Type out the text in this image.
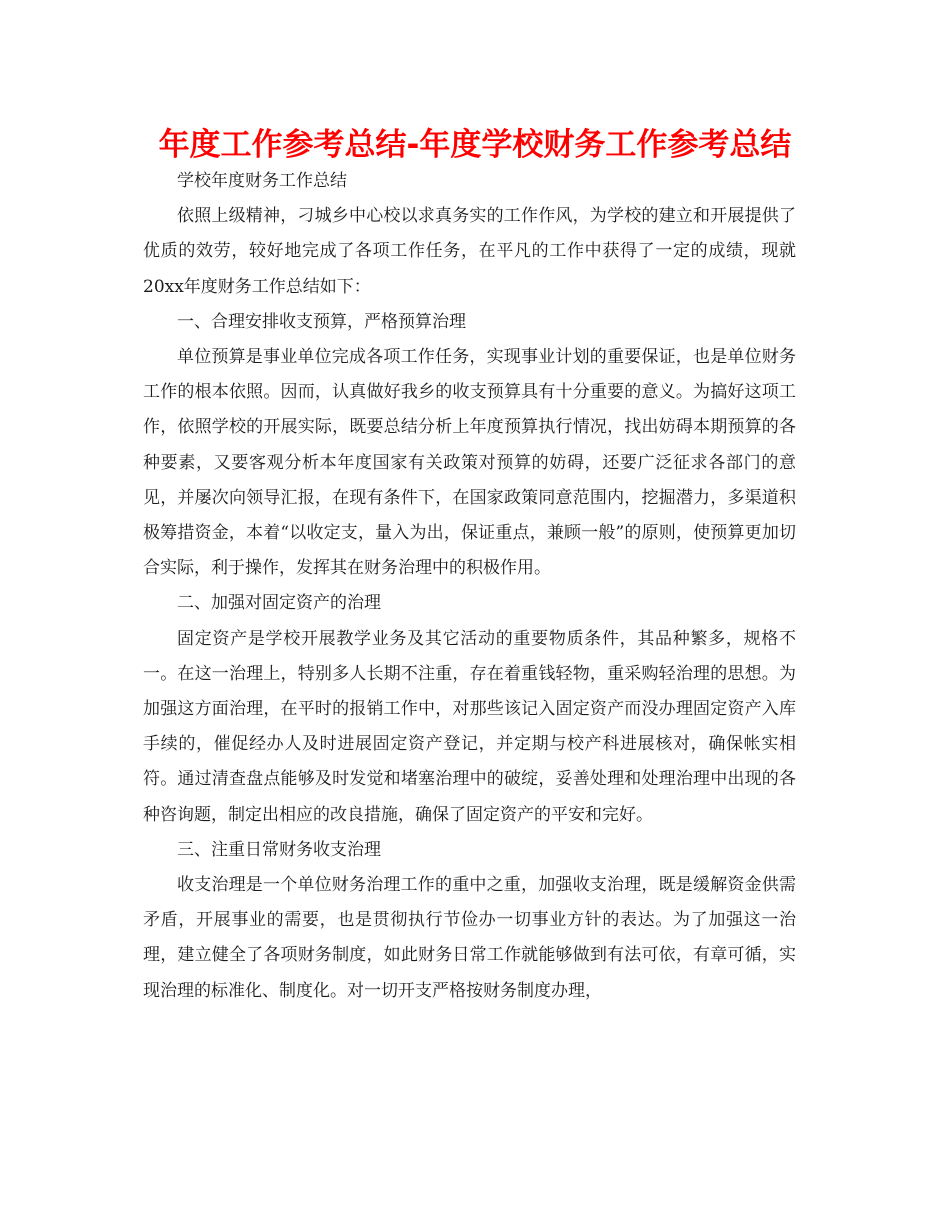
年度工作参考总结-年度学校财务工作参考总结

学校年度财务工作总结

依照上级精神，刁城乡中心校以求真务实的工作作风，为学校的建立和开展提供了优质的效劳，较好地完成了各项工作任务，在平凡的工作中获得了一定的成绩，现就20xx年度财务工作总结如下：

一、合理安排收支预算，严格预算治理

单位预算是事业单位完成各项工作任务，实现事业计划的重要保证，也是单位财务工作的根本依照。因而，认真做好我乡的收支预算具有十分重要的意义。为搞好这项工作，依照学校的开展实际，既要总结分析上年度预算执行情况，找出妨碍本期预算的各种要素，又要客观分析本年度国家有关政策对预算的妨碍，还要广泛征求各部门的意见，并屡次向领导汇报，在现有条件下，在国家政策同意范围内，挖掘潜力，多渠道积极筹措资金，本着“以收定支，量入为出，保证重点，兼顾一般”的原则，使预算更加切合实际，利于操作，发挥其在财务治理中的积极作用。

二、加强对固定资产的治理

固定资产是学校开展教学业务及其它活动的重要物质条件，其品种繁多，规格不一。在这一治理上，特别多人长期不注重，存在着重钱轻物，重采购轻治理的思想。为加强这方面治理，在平时的报销工作中，对那些该记入固定资产而没办理固定资产入库手续的，催促经办人及时进展固定资产登记，并定期与校产科进展核对，确保帐实相符。通过清查盘点能够及时发觉和堵塞治理中的破绽，妥善处理和处理治理中出现的各种咨询题，制定出相应的改良措施，确保了固定资产的平安和完好。

三、注重日常财务收支治理

收支治理是一个单位财务治理工作的重中之重，加强收支治理，既是缓解资金供需矛盾，开展事业的需要，也是贯彻执行节俭办一切事业方针的表达。为了加强这一治理，建立健全了各项财务制度，如此财务日常工作就能够做到有法可依，有章可循，实现治理的标准化、制度化。对一切开支严格按财务制度办理，
